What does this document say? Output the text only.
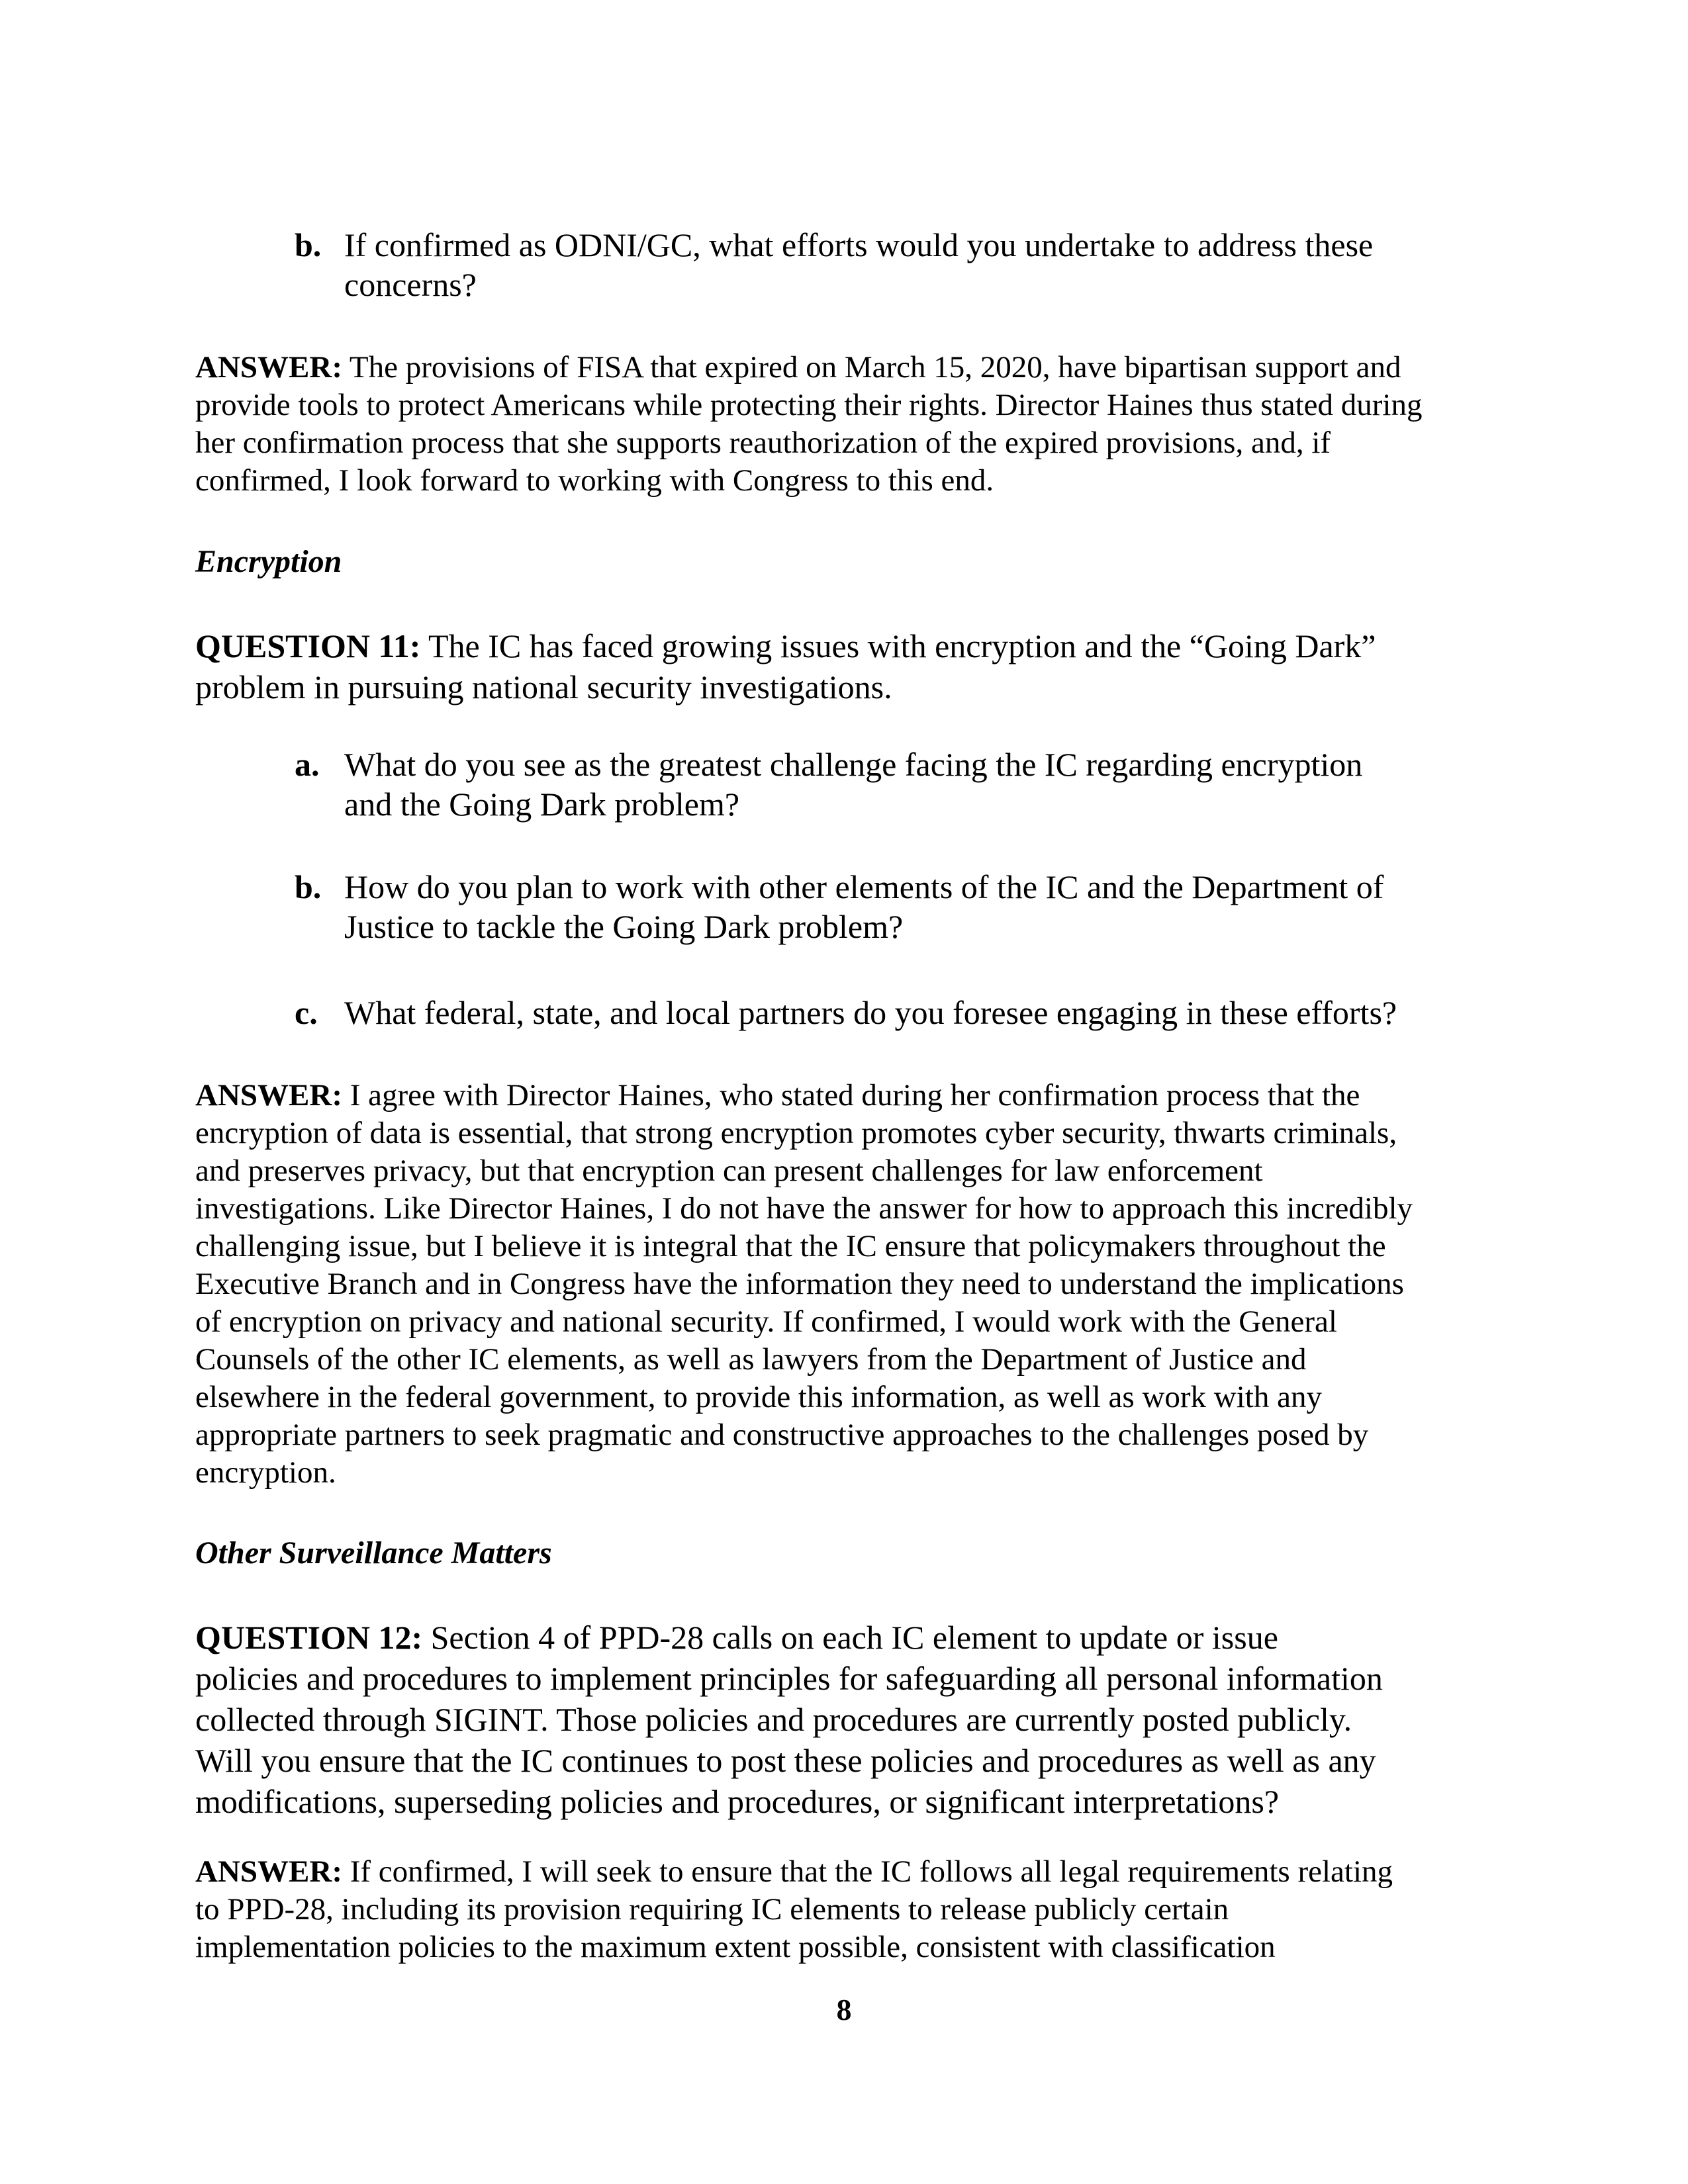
b. If confirmed as ODNI/GC, what efforts would you undertake to address these
concerns?
ANSWER: The provisions of FISA that expired on March 15, 2020, have bipartisan support and
provide tools to protect Americans while protecting their rights. Director Haines thus stated during
her confirmation process that she supports reauthorization of the expired provisions, and, if
confirmed, I look forward to working with Congress to this end.
Encryption
QUESTION 11: The IC has faced growing issues with encryption and the “Going Dark”
problem in pursuing national security investigations.
a. What do you see as the greatest challenge facing the IC regarding encryption
and the Going Dark problem?
b. How do you plan to work with other elements of the IC and the Department of
Justice to tackle the Going Dark problem?
c. What federal, state, and local partners do you foresee engaging in these efforts?
ANSWER: I agree with Director Haines, who stated during her confirmation process that the
encryption of data is essential, that strong encryption promotes cyber security, thwarts criminals,
and preserves privacy, but that encryption can present challenges for law enforcement
investigations. Like Director Haines, I do not have the answer for how to approach this incredibly
challenging issue, but I believe it is integral that the IC ensure that policymakers throughout the
Executive Branch and in Congress have the information they need to understand the implications
of encryption on privacy and national security. If confirmed, I would work with the General
Counsels of the other IC elements, as well as lawyers from the Department of Justice and
elsewhere in the federal government, to provide this information, as well as work with any
appropriate partners to seek pragmatic and constructive approaches to the challenges posed by
encryption.
Other Surveillance Matters
QUESTION 12: Section 4 of PPD-28 calls on each IC element to update or issue
policies and procedures to implement principles for safeguarding all personal information
collected through SIGINT. Those policies and procedures are currently posted publicly.
Will you ensure that the IC continues to post these policies and procedures as well as any
modifications, superseding policies and procedures, or significant interpretations?
ANSWER: If confirmed, I will seek to ensure that the IC follows all legal requirements relating
to PPD-28, including its provision requiring IC elements to release publicly certain
implementation policies to the maximum extent possible, consistent with classification
8
